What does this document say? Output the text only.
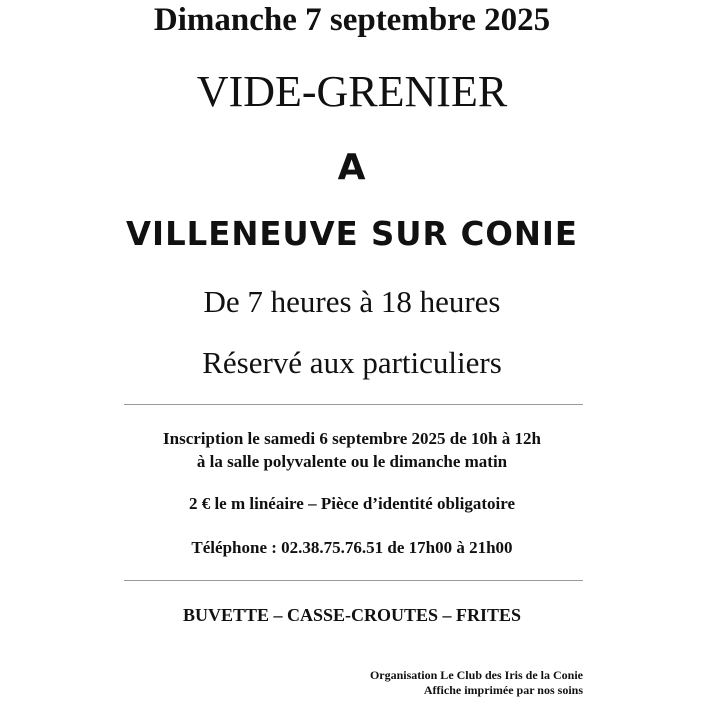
Dimanche 7 septembre 2025
VIDE-GRENIER
A
VILLENEUVE SUR CONIE
De 7 heures à 18 heures
Réservé aux particuliers
Inscription le samedi 6 septembre 2025 de 10h à 12h
à la salle polyvalente ou le dimanche matin
2 € le m linéaire – Pièce d’identité obligatoire
Téléphone : 02.38.75.76.51 de 17h00 à 21h00
BUVETTE – CASSE-CROUTES – FRITES
Organisation Le Club des Iris de la Conie
Affiche imprimée par nos soins
